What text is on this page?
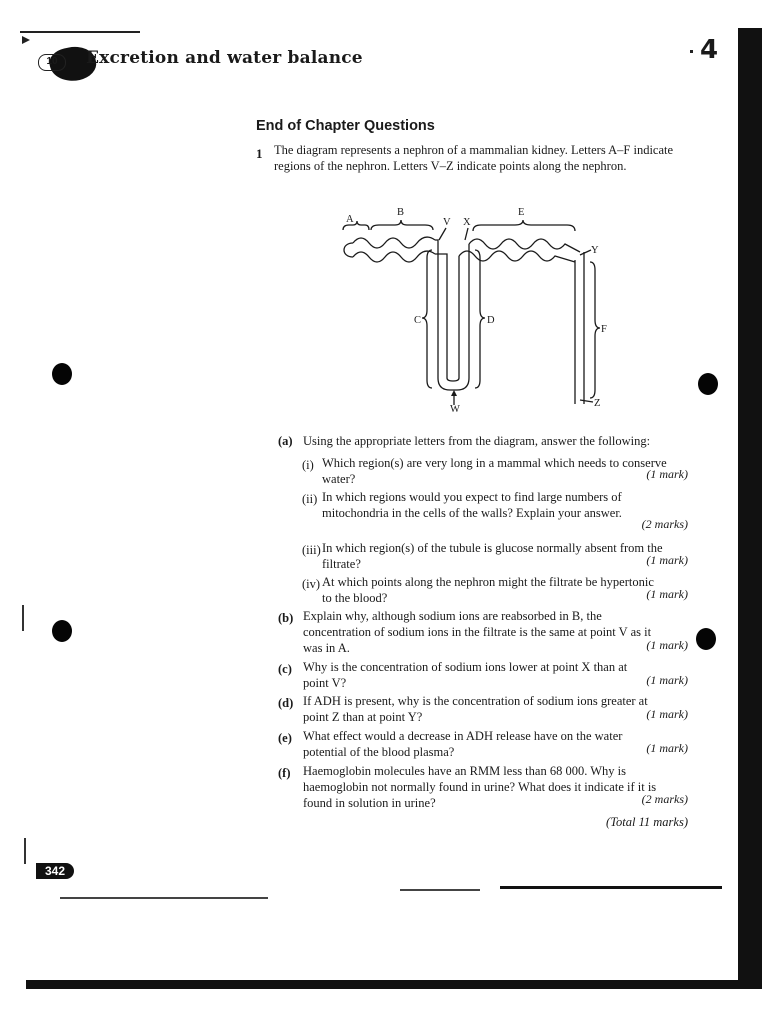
10	Excretion and water balance	4
End of Chapter Questions
1 The diagram represents a nephron of a mammalian kidney. Letters A–F indicate regions of the nephron. Letters V–Z indicate points along the nephron.
A
B
V X
E
Y
C	D
F
W
Z
(a) Using the appropriate letters from the diagram, answer the following:
(i) Which region(s) are very long in a mammal which needs to conserve
water?	(1 mark)
(ii) In which regions would you expect to find large numbers of
mitochondria in the cells of the walls? Explain your answer.
(2 marks)
(iii) In which region(s) of the tubule is glucose normally absent from the
filtrate?	(1 mark)
(iv) At which points along the nephron might the filtrate be hypertonic
to the blood?	(1 mark)
(b) Explain why, although sodium ions are reabsorbed in B, the
concentration of sodium ions in the filtrate is the same at point V as it
was in A.	(1 mark)
(c) Why is the concentration of sodium ions lower at point X than at
point V?	(1 mark)
(d) If ADH is present, why is the concentration of sodium ions greater at
point Z than at point Y?	(1 mark)
(e) What effect would a decrease in ADH release have on the water
potential of the blood plasma?	(1 mark)
(f) Haemoglobin molecules have an RMM less than 68 000. Why is
haemoglobin not normally found in urine? What does it indicate if it is
found in solution in urine?	(2 marks)
(Total 11 marks)
342
